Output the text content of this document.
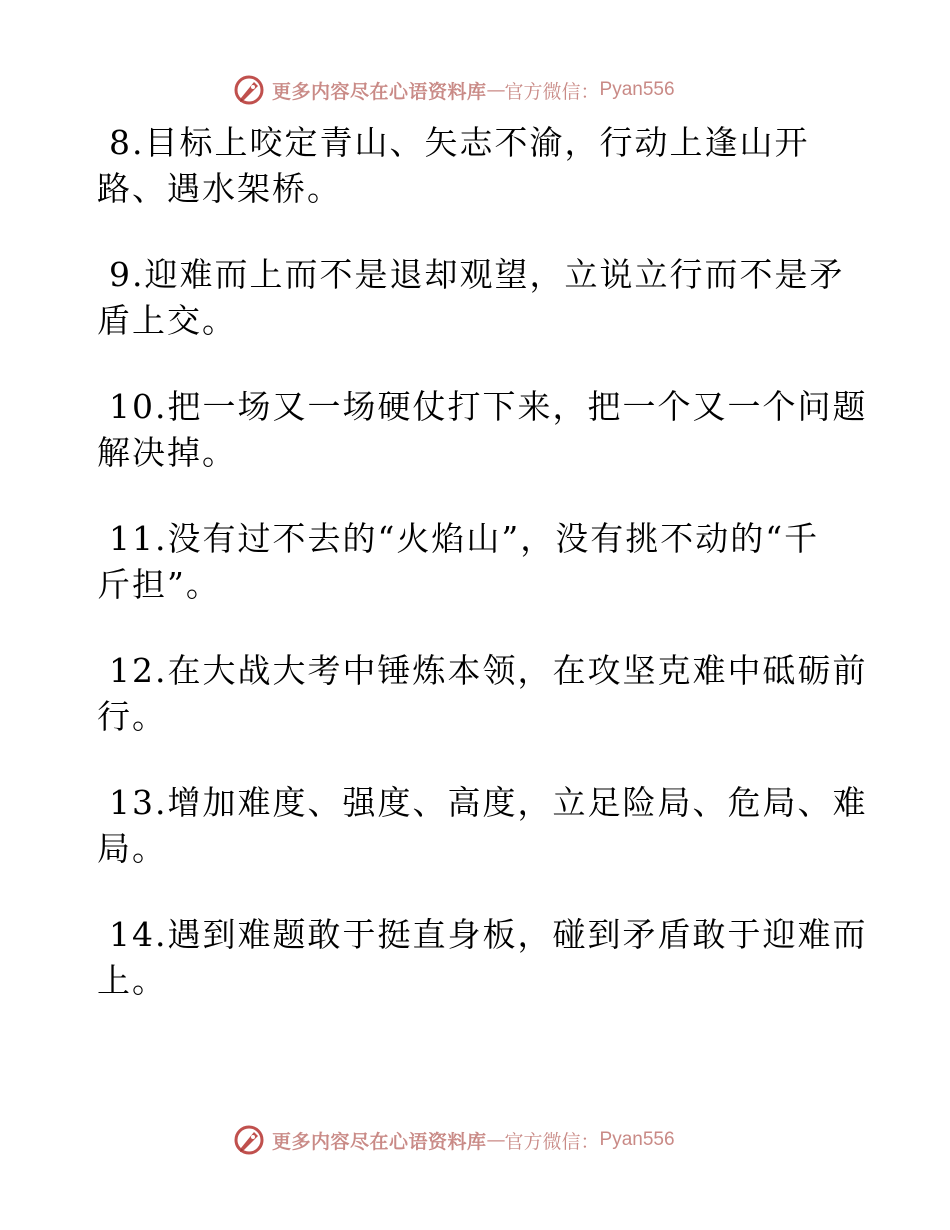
更多内容尽在心语资料库 — 官方微信： Pyan556

8.目标上咬定青山、矢志不渝，行动上逢山开
路、遇水架桥。

9.迎难而上而不是退却观望，立说立行而不是矛
盾上交。

10.把一场又一场硬仗打下来，把一个又一个问题
解决掉。

11.没有过不去的“火焰山”，没有挑不动的“千
斤担”。

12.在大战大考中锤炼本领，在攻坚克难中砥砺前
行。

13.增加难度、强度、高度，立足险局、危局、难
局。

14.遇到难题敢于挺直身板，碰到矛盾敢于迎难而
上。

更多内容尽在心语资料库 — 官方微信： Pyan556
